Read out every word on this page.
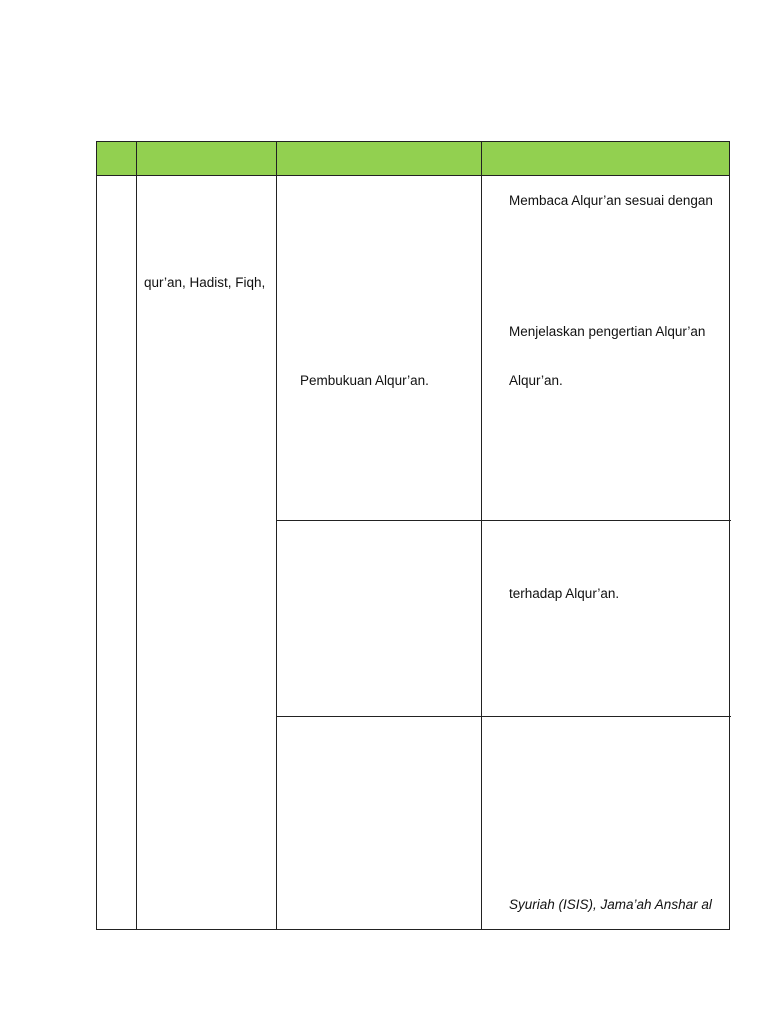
qur’an, Hadist, Fiqh,
Pembukuan Alqur’an.
Membaca Alqur’an sesuai dengan
Menjelaskan pengertian Alqur’an
Alqur’an.
terhadap Alqur’an.
Syuriah (ISIS), Jama’ah Anshar al
